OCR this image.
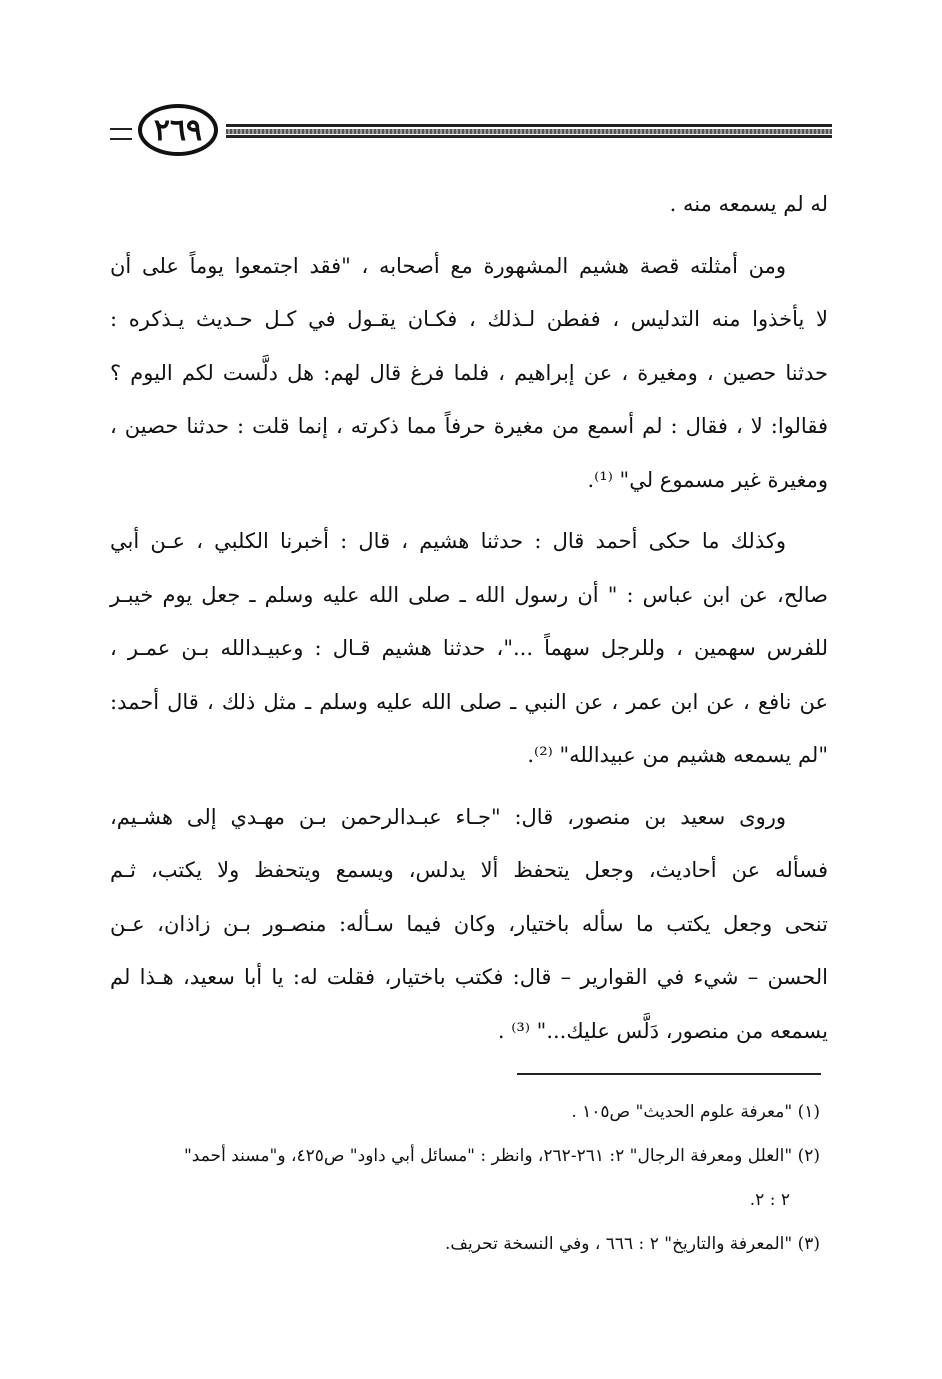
٢٦٩

له لم يسمعه منه .

ومن أمثلته قصة هشيم المشهورة مع أصحابه ، "فقد اجتمعوا يوماً على أن
لا يأخذوا منه التدليس ، ففطن لـذلك ، فكـان يقـول في كـل حـديث يـذكره :
حدثنا حصين ، ومغيرة ، عن إبراهيم ، فلما فرغ قال لهم: هل دلَّست لكم اليوم ؟
فقالوا: لا ، فقال : لم أسمع من مغيرة حرفاً مما ذكرته ، إنما قلت : حدثنا حصين ،
ومغيرة غير مسموع لي" ⁽¹⁾.

وكذلك ما حكى أحمد قال : حدثنا هشيم ، قال : أخبرنا الكلبي ، عـن أبي
صالح، عن ابن عباس : " أن رسول الله ـ صلى الله عليه وسلم ـ جعل يوم خيبـر
للفرس سهمين ، وللرجل سهماً ..."، حدثنا هشيم قـال : وعبيـدالله بـن عمـر ،
عن نافع ، عن ابن عمر ، عن النبي ـ صلى الله عليه وسلم ـ مثل ذلك ، قال أحمد:
"لم يسمعه هشيم من عبيدالله" ⁽²⁾.

وروى سعيد بن منصور، قال: "جـاء عبـدالرحمن بـن مهـدي إلى هشـيم،
فسأله عن أحاديث، وجعل يتحفظ ألا يدلس، ويسمع ويتحفظ ولا يكتب، ثـم
تنحى وجعل يكتب ما سأله باختيار، وكان فيما سـأله: منصـور بـن زاذان، عـن
الحسن – شيء في القوارير – قال: فكتب باختيار، فقلت له: يا أبا سعيد، هـذا لم
يسمعه من منصور، دَلَّس عليك..." ⁽³⁾ .

(١) "معرفة علوم الحديث" ص١٠٥ .
(٢) "العلل ومعرفة الرجال" ٢: ٢٦١-٢٦٢، وانظر : "مسائل أبي داود" ص٤٢٥، و"مسند أحمد"
٢ : ٢.
(٣) "المعرفة والتاريخ" ٢ : ٦٦٦ ، وفي النسخة تحريف.
